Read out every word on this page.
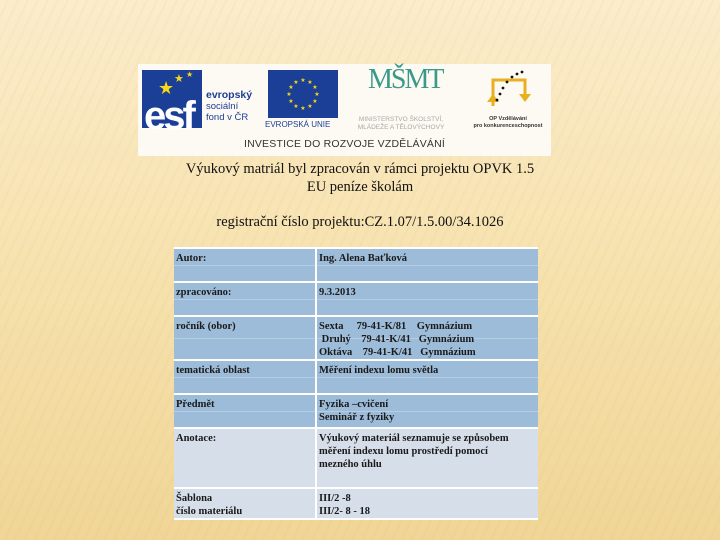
★ ★ ★
esf evropský
sociální
fond v ČR
★ ★
★
★
★
★
★
★
★
★
★
★
EVROPSKÁ UNIE
MŠMT
MINISTERSTVO ŠKOLSTVÍ,
MLÁDEŽE A TĚLOVÝCHOVY
OP Vzdělávání
pro konkurenceschopnost
INVESTICE DO ROZVOJE VZDĚLÁVÁNÍ
Výukový matriál byl zpracován v rámci projektu OPVK 1.5
EU peníze školám
registrační číslo projektu:CZ.1.07/1.5.00/34.1026
Autor:	Ing. Alena Baťková

zpracováno:	9.3.2013

ročník (obor)	Sexta     79-41-K/81    Gymnázium
Druhý    79-41-K/41   Gymnázium
Oktáva    79-41-K/41   Gymnázium

tematická oblast	Měření indexu lomu světla

Předmět	Fyzika –cvičení
Seminář z fyziky

Anotace:	Výukový materiál seznamuje se způsobem
měření indexu lomu prostředí pomocí
mezného úhlu

Šablona
číslo materiálu	III/2 -8
III/2- 8 - 18
